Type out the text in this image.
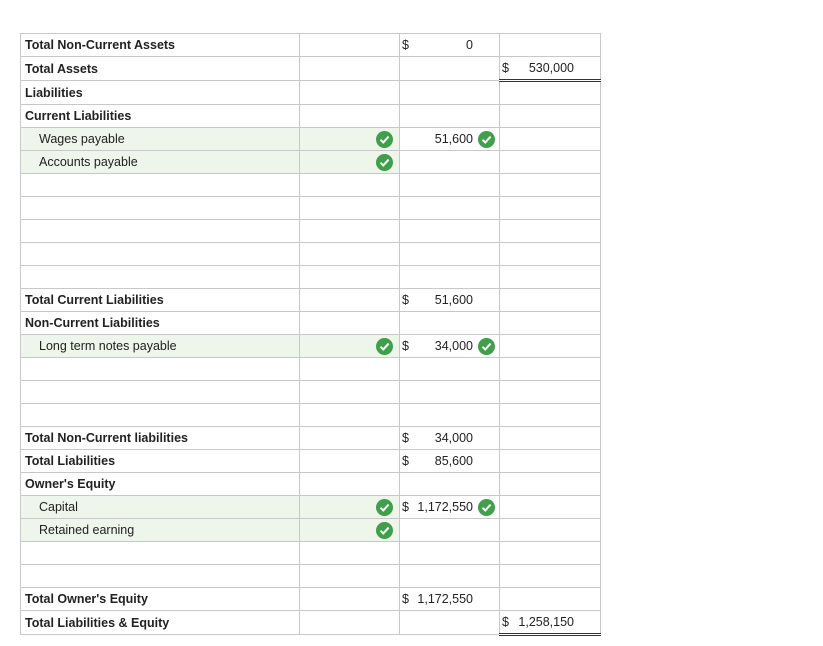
Total Non-Current Assets		$ 0	
Total Assets			$ 530,000
Liabilities			
Current Liabilities			
Wages payable		51,600

Accounts payable	

Total Current Liabilities		$ 51,600	
Non-Current Liabilities			
Long term notes payable		$ 34,000

Total Non-Current liabilities		$ 34,000	
Total Liabilities		$ 85,600	
Owner's Equity			
Capital		$ 1,172,550

Retained earning	

Total Owner's Equity		$ 1,172,550	
Total Liabilities & Equity			$ 1,258,150
